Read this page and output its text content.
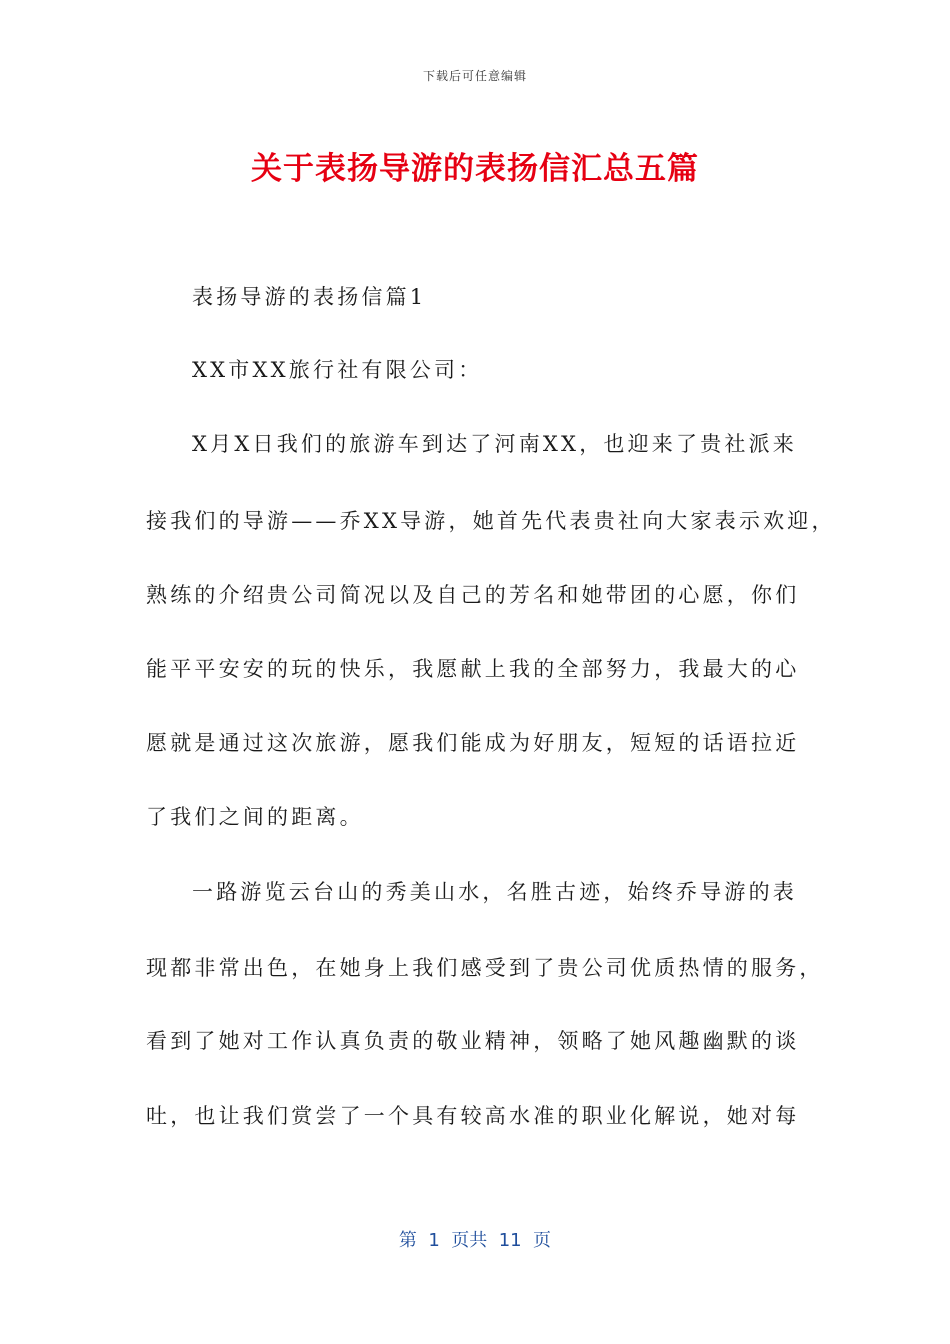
下载后可任意编辑
关于表扬导游的表扬信汇总五篇
表扬导游的表扬信篇1
XX市XX旅行社有限公司：
X月X日我们的旅游车到达了河南XX，也迎来了贵社派来
接我们的导游——乔XX导游，她首先代表贵社向大家表示欢迎，
熟练的介绍贵公司简况以及自己的芳名和她带团的心愿，你们
能平平安安的玩的快乐，我愿献上我的全部努力，我最大的心
愿就是通过这次旅游，愿我们能成为好朋友，短短的话语拉近
了我们之间的距离。
一路游览云台山的秀美山水，名胜古迹，始终乔导游的表
现都非常出色，在她身上我们感受到了贵公司优质热情的服务，
看到了她对工作认真负责的敬业精神，领略了她风趣幽默的谈
吐，也让我们赏尝了一个具有较高水准的职业化解说，她对每
第  1  页共  11  页
